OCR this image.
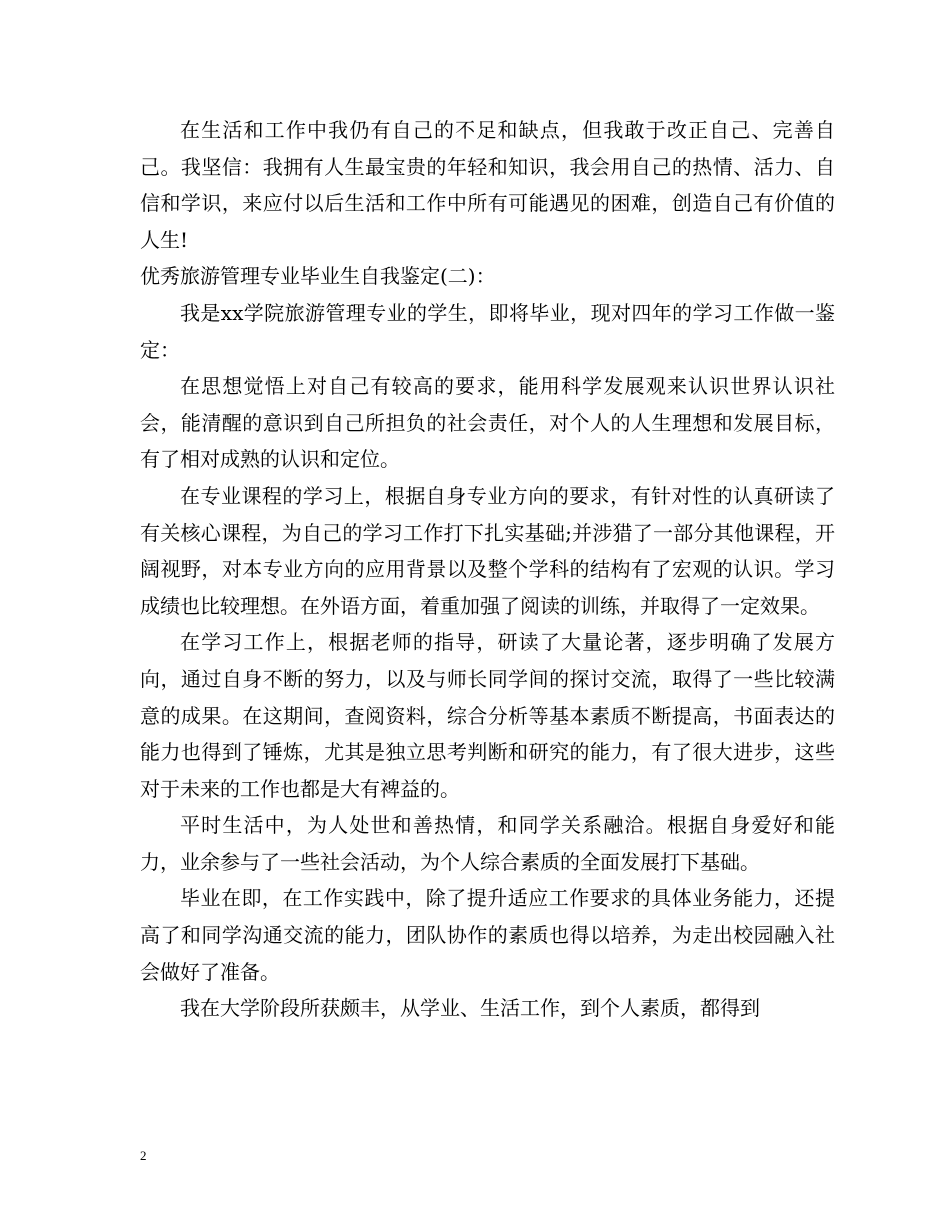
在生活和工作中我仍有自己的不足和缺点，但我敢于改正自己、完善自己。我坚信：我拥有人生最宝贵的年轻和知识，我会用自己的热情、活力、自信和学识，来应付以后生活和工作中所有可能遇见的困难，创造自己有价值的人生!

优秀旅游管理专业毕业生自我鉴定(二)：

我是xx学院旅游管理专业的学生，即将毕业，现对四年的学习工作做一鉴定：

在思想觉悟上对自己有较高的要求，能用科学发展观来认识世界认识社会，能清醒的意识到自己所担负的社会责任，对个人的人生理想和发展目标，有了相对成熟的认识和定位。

在专业课程的学习上，根据自身专业方向的要求，有针对性的认真研读了有关核心课程，为自己的学习工作打下扎实基础;并涉猎了一部分其他课程，开阔视野，对本专业方向的应用背景以及整个学科的结构有了宏观的认识。学习成绩也比较理想。在外语方面，着重加强了阅读的训练，并取得了一定效果。

在学习工作上，根据老师的指导，研读了大量论著，逐步明确了发展方向，通过自身不断的努力，以及与师长同学间的探讨交流，取得了一些比较满意的成果。在这期间，查阅资料，综合分析等基本素质不断提高，书面表达的能力也得到了锤炼，尤其是独立思考判断和研究的能力，有了很大进步，这些对于未来的工作也都是大有裨益的。

平时生活中，为人处世和善热情，和同学关系融洽。根据自身爱好和能力，业余参与了一些社会活动，为个人综合素质的全面发展打下基础。

毕业在即，在工作实践中，除了提升适应工作要求的具体业务能力，还提高了和同学沟通交流的能力，团队协作的素质也得以培养，为走出校园融入社会做好了准备。

我在大学阶段所获颇丰，从学业、生活工作，到个人素质，都得到

2
